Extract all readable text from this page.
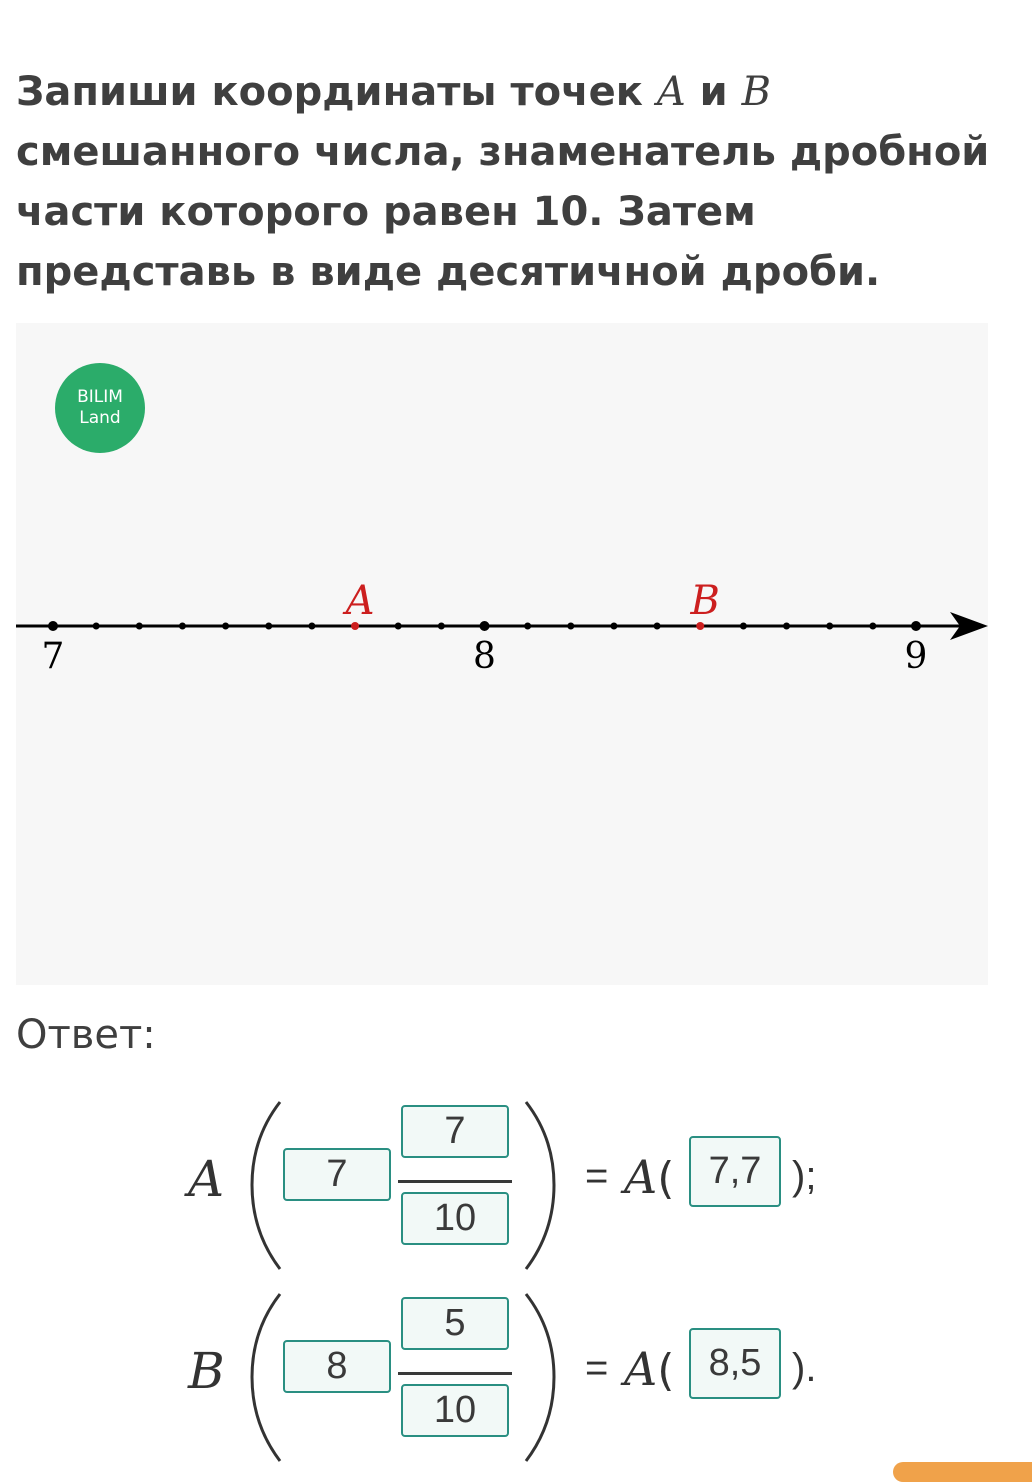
Запиши координаты точек A и B смешанного числа, знаменатель дробной части которого равен 10. Затем представь в виде десятичной дроби.

BILIM
Land
7	8	9
A	B
Ответ:
A	7
7
10
= A( 7,7 );
B	8
5
10
= A( 8,5 ).
